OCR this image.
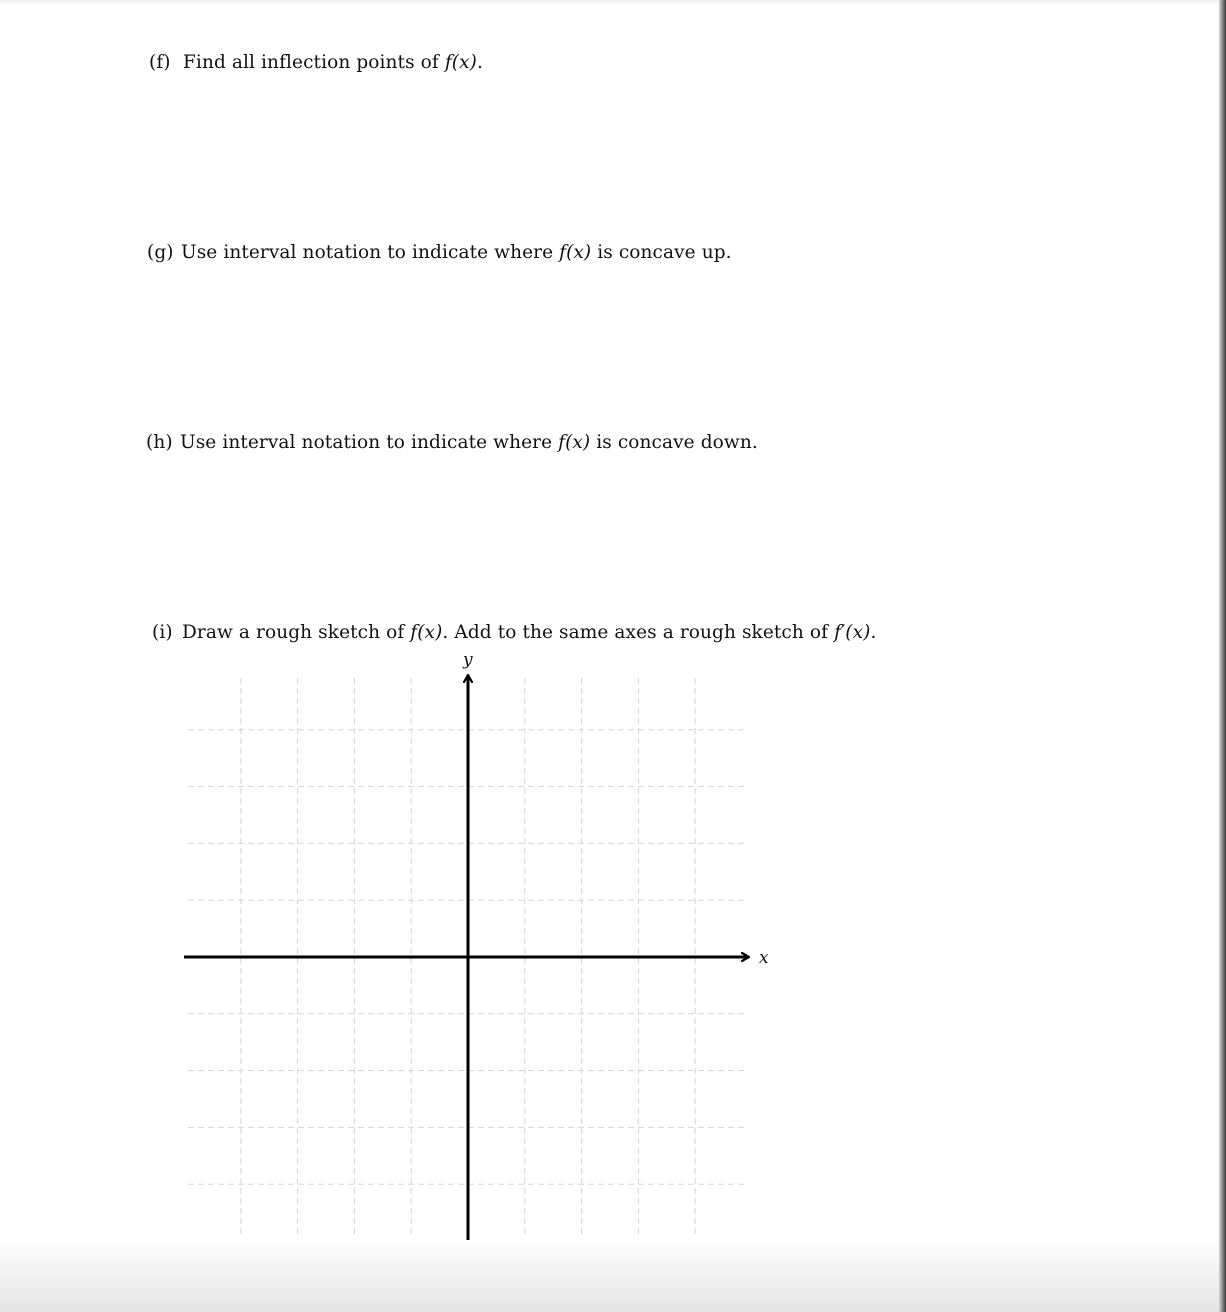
(f) Find all inflection points of f(x).
(g) Use interval notation to indicate where f(x) is concave up.
(h) Use interval notation to indicate where f(x) is concave down.
(i) Draw a rough sketch of f(x). Add to the same axes a rough sketch of f′(x).
x
y
